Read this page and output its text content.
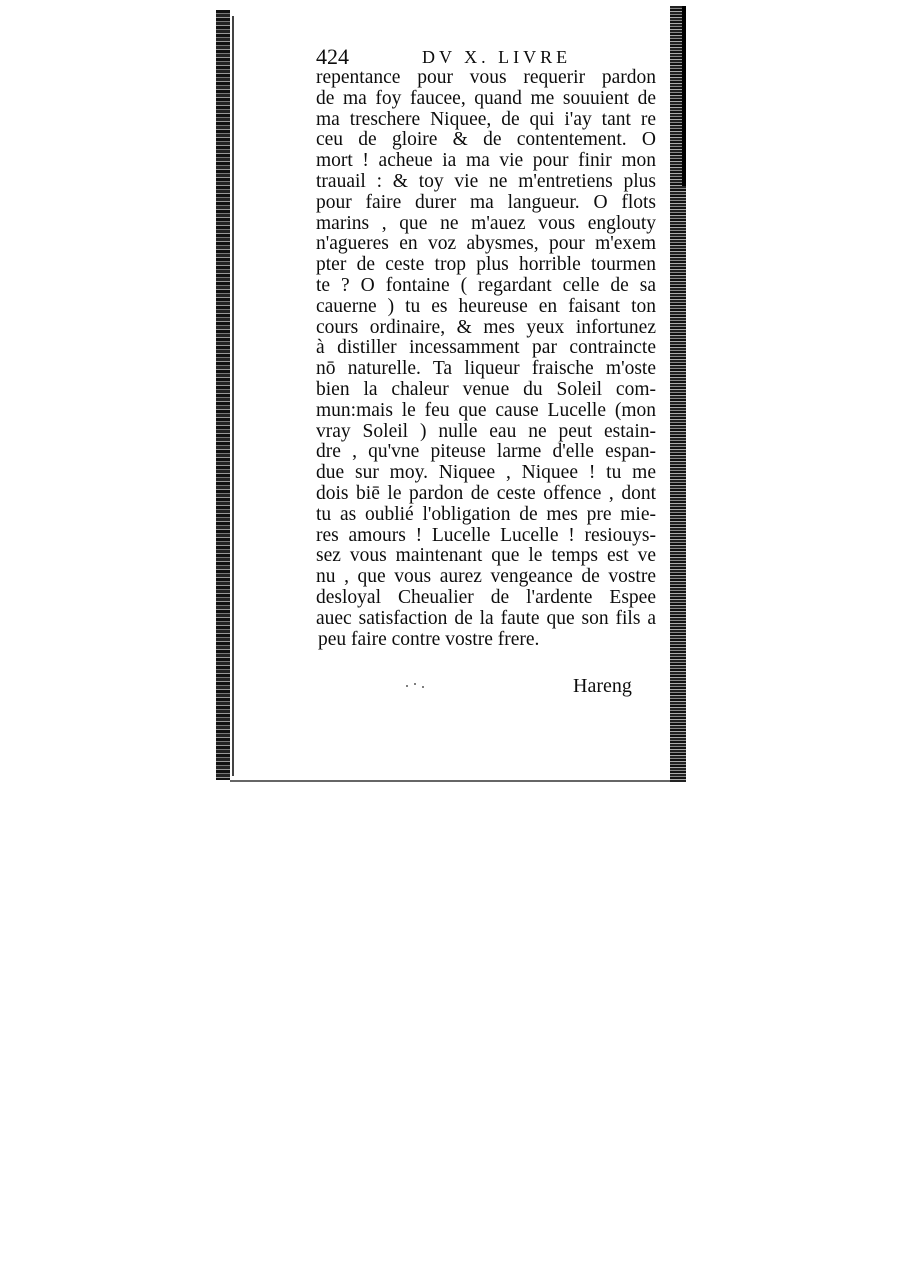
424	DV X. LIVRE
repentance pour vous requerir pardon
de ma foy faucee, quand me souuient de
ma treschere Niquee, de qui i'ay tant re
ceu de gloire & de contentement. O
mort ! acheue ia ma vie pour finir mon
trauail : & toy vie ne m'entretiens plus
pour faire durer ma langueur. O flots
marins , que ne m'auez vous englouty
n'agueres en voz abysmes, pour m'exem
pter de ceste trop plus horrible tourmen
te ? O fontaine ( regardant celle de sa
cauerne ) tu es heureuse en faisant ton
cours ordinaire, & mes yeux infortunez
à distiller incessamment par contraincte
nō naturelle. Ta liqueur fraische m'oste
bien la chaleur venue du Soleil com-
mun:mais le feu que cause Lucelle (mon
vray Soleil ) nulle eau ne peut estain-
dre , qu'vne piteuse larme d'elle espan-
due sur moy. Niquee , Niquee ! tu me
dois biē le pardon de ceste offence , dont
tu as oublié l'obligation de mes pre mie-
res amours ! Lucelle Lucelle ! resiouys-
sez vous maintenant que le temps est ve
nu , que vous aurez vengeance de vostre
desloyal Cheualier de l'ardente Espee
auec satisfaction de la faute que son fils a
peu faire contre vostre frere.
Hareng
